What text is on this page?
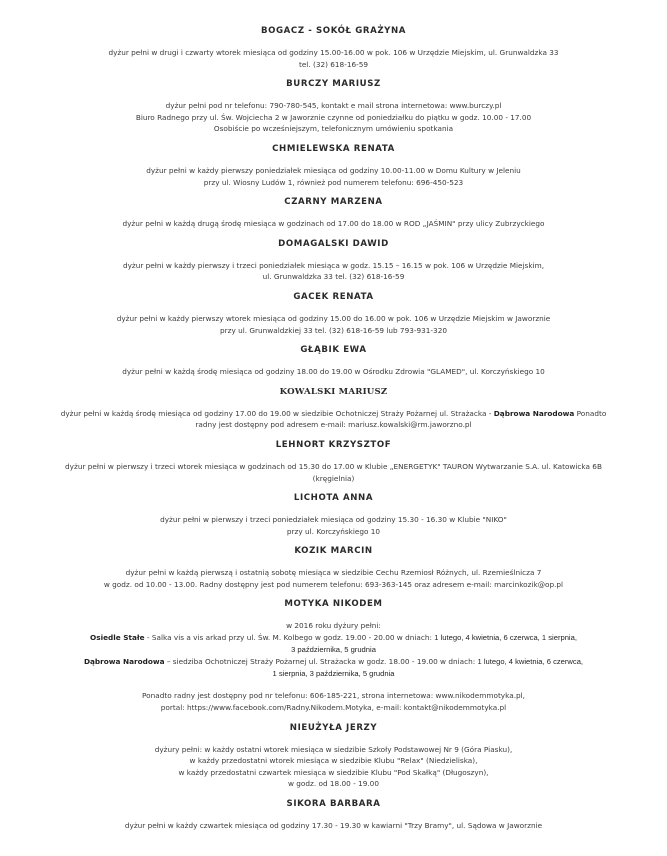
BOGACZ - SOKÓŁ GRAŻYNA
dyżur pełni w drugi i czwarty wtorek miesiąca od godziny 15.00-16.00 w pok. 106 w Urzędzie Miejskim, ul. Grunwaldzka 33
tel. (32) 618-16-59
BURCZY MARIUSZ
dyżur pełni pod nr telefonu: 790-780-545, kontakt e mail strona internetowa: www.burczy.pl
Biuro Radnego przy ul. Św. Wojciecha 2 w Jaworznie czynne od poniedziałku do piątku w godz. 10.00 - 17.00
Osobiście po wcześniejszym, telefonicznym umówieniu spotkania
CHMIELEWSKA RENATA
dyżur pełni w każdy pierwszy poniedziałek miesiąca od godziny 10.00-11.00 w Domu Kultury w Jeleniu
przy ul. Wiosny Ludów 1, również pod numerem telefonu: 696-450-523
CZARNY MARZENA
dyżur pełni w każdą drugą środę miesiąca w godzinach od 17.00 do 18.00 w ROD „JAŚMIN" przy ulicy Zubrzyckiego
DOMAGALSKI DAWID
dyżur pełni w każdy pierwszy i trzeci poniedziałek miesiąca w godz. 15.15 – 16.15 w pok. 106 w Urzędzie Miejskim,
ul. Grunwaldzka 33 tel. (32) 618-16-59
GACEK RENATA
dyżur pełni w każdy pierwszy wtorek miesiąca od godziny 15.00 do 16.00 w pok. 106 w Urzędzie Miejskim w Jaworznie
przy ul. Grunwaldzkiej 33 tel. (32) 618-16-59 lub 793-931-320
GŁĄBIK EWA
dyżur pełni w każdą środę miesiąca od godziny 18.00 do 19.00 w Ośrodku Zdrowia "GLAMED", ul. Korczyńskiego 10
KOWALSKI MARIUSZ
dyżur pełni w każdą środę miesiąca od godziny 17.00 do 19.00 w siedzibie Ochotniczej Straży Pożarnej ul. Strażacka - Dąbrowa Narodowa Ponadto
radny jest dostępny pod adresem e-mail: mariusz.kowalski@rm.jaworzno.pl
LEHNORT KRZYSZTOF
dyżur pełni w pierwszy i trzeci wtorek miesiąca w godzinach od 15.30 do 17.00 w Klubie „ENERGETYK" TAURON Wytwarzanie S.A. ul. Katowicka 6B
(kręgielnia)
LICHOTA ANNA
dyżur pełni w pierwszy i trzeci poniedziałek miesiąca od godziny 15.30 - 16.30 w Klubie "NIKO"
przy ul. Korczyńskiego 10
KOZIK MARCIN
dyżur pełni w każdą pierwszą i ostatnią sobotę miesiąca w siedzibie Cechu Rzemiosł Różnych, ul. Rzemieślnicza 7
w godz. od 10.00 - 13.00. Radny dostępny jest pod numerem telefonu: 693-363-145 oraz adresem e-mail: marcinkozik@op.pl
MOTYKA NIKODEM
w 2016 roku dyżury pełni:
Osiedle Stałe - Salka vis a vis arkad przy ul. Św. M. Kolbego w godz. 19.00 - 20.00 w dniach: 1 lutego, 4 kwietnia, 6 czerwca, 1 sierpnia,
3 października, 5 grudnia
Dąbrowa Narodowa – siedziba Ochotniczej Straży Pożarnej ul. Strażacka w godz. 18.00 - 19.00 w dniach: 1 lutego, 4 kwietnia, 6 czerwca,
1 sierpnia, 3 października, 5 grudnia
Ponadto radny jest dostępny pod nr telefonu: 606-185-221, strona internetowa: www.nikodemmotyka.pl,
portal: https://www.facebook.com/Radny.Nikodem.Motyka, e-mail: kontakt@nikodemmotyka.pl
NIEUŻYŁA JERZY
dyżury pełni: w każdy ostatni wtorek miesiąca w siedzibie Szkoły Podstawowej Nr 9 (Góra Piasku),
w każdy przedostatni wtorek miesiąca w siedzibie Klubu "Relax" (Niedzieliska),
w każdy przedostatni czwartek miesiąca w siedzibie Klubu "Pod Skałką" (Długoszyn),
w godz. od 18.00 - 19.00
SIKORA BARBARA
dyżur pełni w każdy czwartek miesiąca od godziny 17.30 - 19.30 w kawiarni "Trzy Bramy", ul. Sądowa w Jaworznie
